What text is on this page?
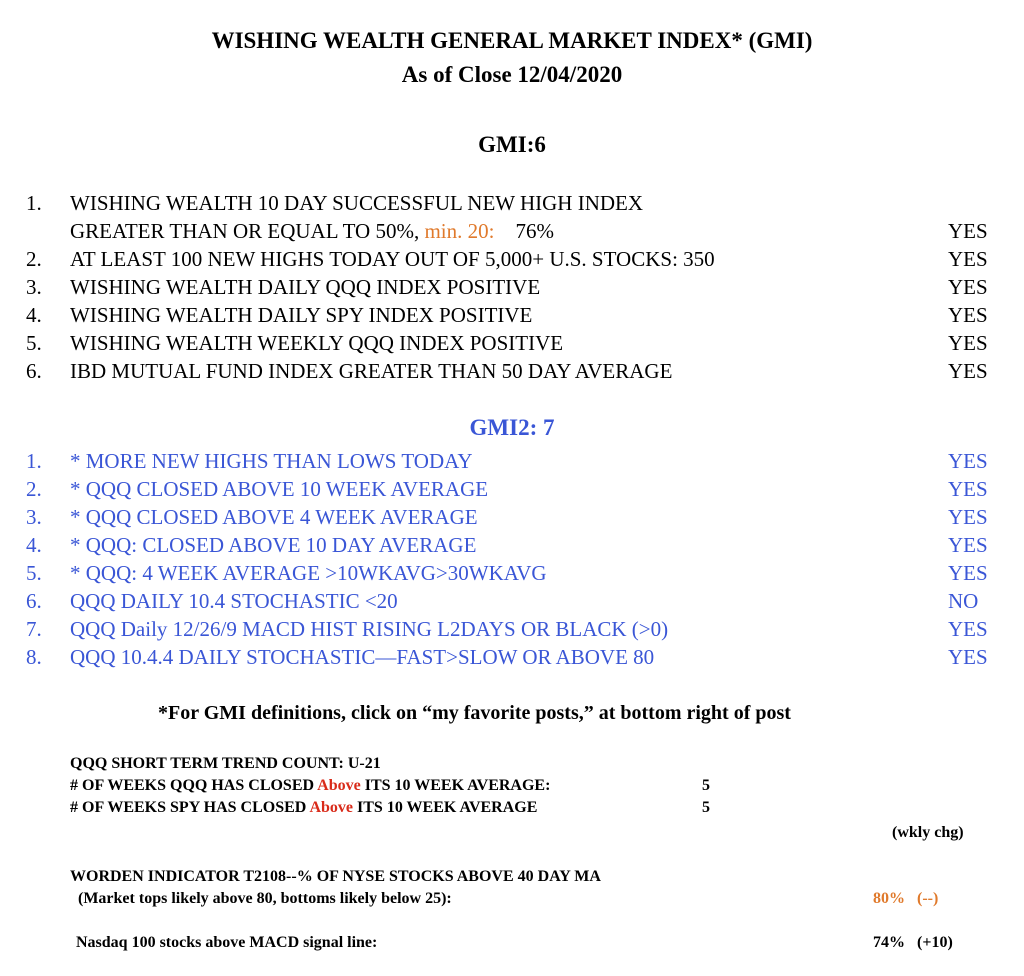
WISHING WEALTH GENERAL MARKET INDEX* (GMI)
As of Close 12/04/2020
GMI:6
1. WISHING WEALTH 10 DAY SUCCESSFUL NEW HIGH INDEX
GREATER THAN OR EQUAL TO 50%, min. 20: 76%	YES
2. AT LEAST 100 NEW HIGHS TODAY OUT OF 5,000+ U.S. STOCKS: 350	YES
3. WISHING WEALTH DAILY QQQ INDEX POSITIVE	YES
4. WISHING WEALTH DAILY SPY INDEX POSITIVE	YES
5. WISHING WEALTH WEEKLY QQQ INDEX POSITIVE	YES
6. IBD MUTUAL FUND INDEX GREATER THAN 50 DAY AVERAGE	YES
GMI2: 7
1. * MORE NEW HIGHS THAN LOWS TODAY	YES
2. * QQQ CLOSED ABOVE 10 WEEK AVERAGE	YES
3. * QQQ CLOSED ABOVE 4 WEEK AVERAGE	YES
4. * QQQ: CLOSED ABOVE 10 DAY AVERAGE	YES
5. * QQQ: 4 WEEK AVERAGE >10WKAVG>30WKAVG	YES
6. QQQ DAILY 10.4 STOCHASTIC <20	NO
7. QQQ Daily 12/26/9 MACD HIST RISING L2DAYS OR BLACK (>0)	YES
8. QQQ 10.4.4 DAILY STOCHASTIC—FAST>SLOW OR ABOVE 80	YES
*For GMI definitions, click on “my favorite posts,” at bottom right of post
QQQ SHORT TERM TREND COUNT: U-21
# OF WEEKS QQQ HAS CLOSED Above ITS 10 WEEK AVERAGE:	5
# OF WEEKS SPY HAS CLOSED Above ITS 10 WEEK AVERAGE	5
(wkly chg)
WORDEN INDICATOR T2108--% OF NYSE STOCKS ABOVE 40 DAY MA
(Market tops likely above 80, bottoms likely below 25):	80%   (--)
Nasdaq 100 stocks above MACD signal line:	74%   (+10)
